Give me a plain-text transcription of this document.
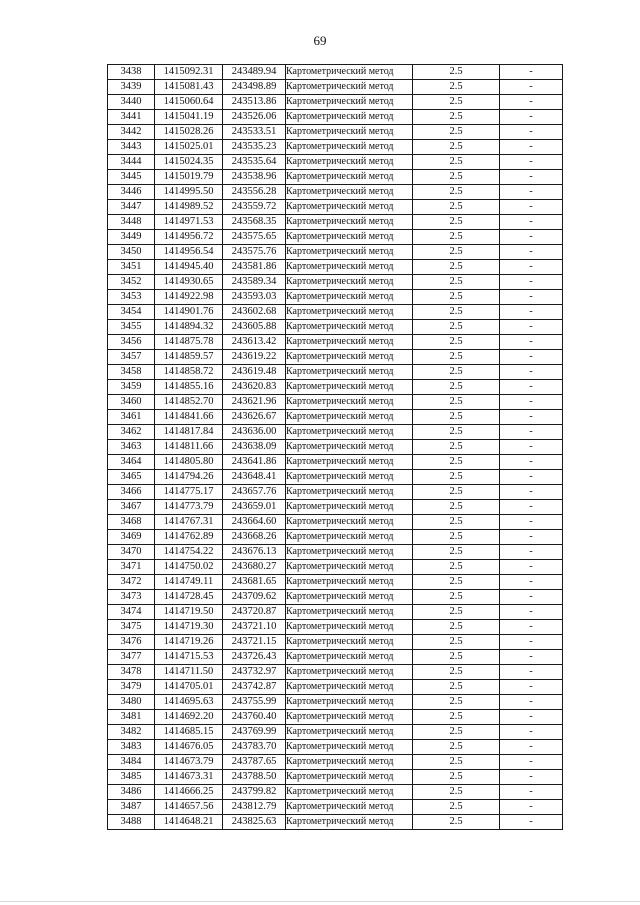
69
3438	1415092.31	243489.94	Картометрический метод	2.5	-
3439	1415081.43	243498.89	Картометрический метод	2.5	-
3440	1415060.64	243513.86	Картометрический метод	2.5	-
3441	1415041.19	243526.06	Картометрический метод	2.5	-
3442	1415028.26	243533.51	Картометрический метод	2.5	-
3443	1415025.01	243535.23	Картометрический метод	2.5	-
3444	1415024.35	243535.64	Картометрический метод	2.5	-
3445	1415019.79	243538.96	Картометрический метод	2.5	-
3446	1414995.50	243556.28	Картометрический метод	2.5	-
3447	1414989.52	243559.72	Картометрический метод	2.5	-
3448	1414971.53	243568.35	Картометрический метод	2.5	-
3449	1414956.72	243575.65	Картометрический метод	2.5	-
3450	1414956.54	243575.76	Картометрический метод	2.5	-
3451	1414945.40	243581.86	Картометрический метод	2.5	-
3452	1414930.65	243589.34	Картометрический метод	2.5	-
3453	1414922.98	243593.03	Картометрический метод	2.5	-
3454	1414901.76	243602.68	Картометрический метод	2.5	-
3455	1414894.32	243605.88	Картометрический метод	2.5	-
3456	1414875.78	243613.42	Картометрический метод	2.5	-
3457	1414859.57	243619.22	Картометрический метод	2.5	-
3458	1414858.72	243619.48	Картометрический метод	2.5	-
3459	1414855.16	243620.83	Картометрический метод	2.5	-
3460	1414852.70	243621.96	Картометрический метод	2.5	-
3461	1414841.66	243626.67	Картометрический метод	2.5	-
3462	1414817.84	243636.00	Картометрический метод	2.5	-
3463	1414811.66	243638.09	Картометрический метод	2.5	-
3464	1414805.80	243641.86	Картометрический метод	2.5	-
3465	1414794.26	243648.41	Картометрический метод	2.5	-
3466	1414775.17	243657.76	Картометрический метод	2.5	-
3467	1414773.79	243659.01	Картометрический метод	2.5	-
3468	1414767.31	243664.60	Картометрический метод	2.5	-
3469	1414762.89	243668.26	Картометрический метод	2.5	-
3470	1414754.22	243676.13	Картометрический метод	2.5	-
3471	1414750.02	243680.27	Картометрический метод	2.5	-
3472	1414749.11	243681.65	Картометрический метод	2.5	-
3473	1414728.45	243709.62	Картометрический метод	2.5	-
3474	1414719.50	243720.87	Картометрический метод	2.5	-
3475	1414719.30	243721.10	Картометрический метод	2.5	-
3476	1414719.26	243721.15	Картометрический метод	2.5	-
3477	1414715.53	243726.43	Картометрический метод	2.5	-
3478	1414711.50	243732.97	Картометрический метод	2.5	-
3479	1414705.01	243742.87	Картометрический метод	2.5	-
3480	1414695.63	243755.99	Картометрический метод	2.5	-
3481	1414692.20	243760.40	Картометрический метод	2.5	-
3482	1414685.15	243769.99	Картометрический метод	2.5	-
3483	1414676.05	243783.70	Картометрический метод	2.5	-
3484	1414673.79	243787.65	Картометрический метод	2.5	-
3485	1414673.31	243788.50	Картометрический метод	2.5	-
3486	1414666.25	243799.82	Картометрический метод	2.5	-
3487	1414657.56	243812.79	Картометрический метод	2.5	-
3488	1414648.21	243825.63	Картометрический метод	2.5	-
